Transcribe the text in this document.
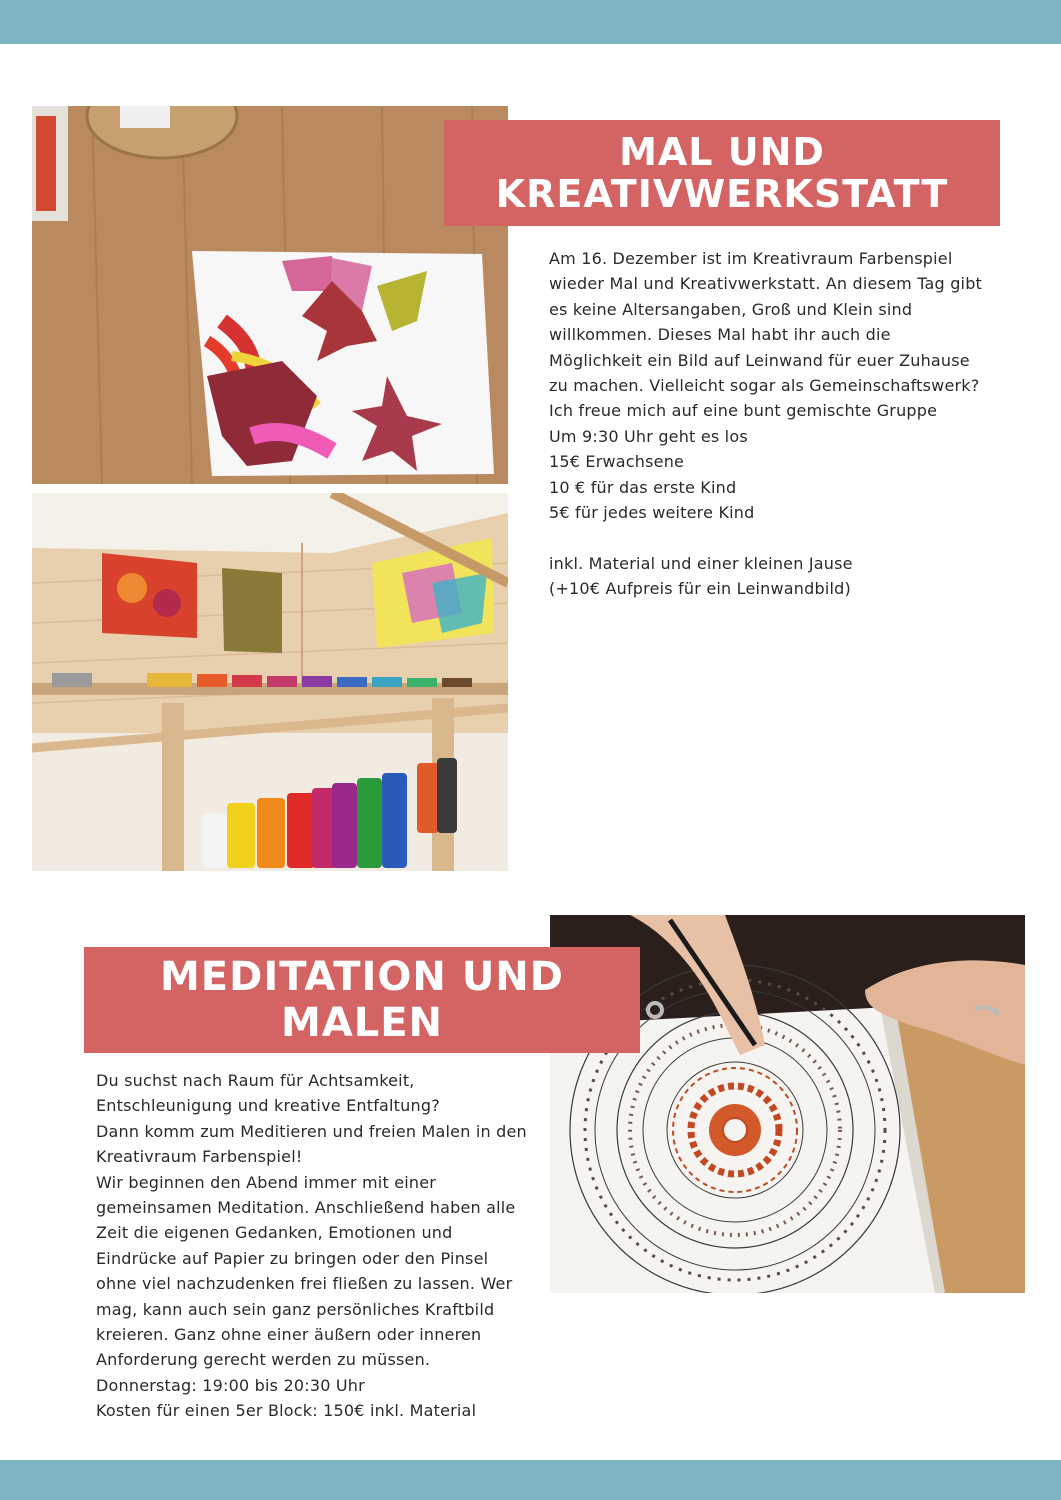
MAL UND
KREATIVWERKSTATT
Am 16. Dezember ist im Kreativraum Farbenspiel
wieder Mal und Kreativwerkstatt. An diesem Tag gibt
es keine Altersangaben, Groß und Klein sind
willkommen. Dieses Mal habt ihr auch die
Möglichkeit ein Bild auf Leinwand für euer Zuhause
zu machen. Vielleicht sogar als Gemeinschaftswerk?
Ich freue mich auf eine bunt gemischte Gruppe
Um 9:30 Uhr geht es los
15€ Erwachsene
10 € für das erste Kind
5€ für jedes weitere Kind
inkl. Material und einer kleinen Jause
(+10€ Aufpreis für ein Leinwandbild)
MEDITATION UND MALEN
Du suchst nach Raum für Achtsamkeit,
Entschleunigung und kreative Entfaltung?
Dann komm zum Meditieren und freien Malen in den
Kreativraum Farbenspiel!
Wir beginnen den Abend immer mit einer
gemeinsamen Meditation. Anschließend haben alle
Zeit die eigenen Gedanken, Emotionen und
Eindrücke auf Papier zu bringen oder den Pinsel
ohne viel nachzudenken frei fließen zu lassen. Wer
mag, kann auch sein ganz persönliches Kraftbild
kreieren. Ganz ohne einer äußern oder inneren
Anforderung gerecht werden zu müssen.
Donnerstag: 19:00 bis 20:30 Uhr
Kosten für einen 5er Block: 150€ inkl. Material
